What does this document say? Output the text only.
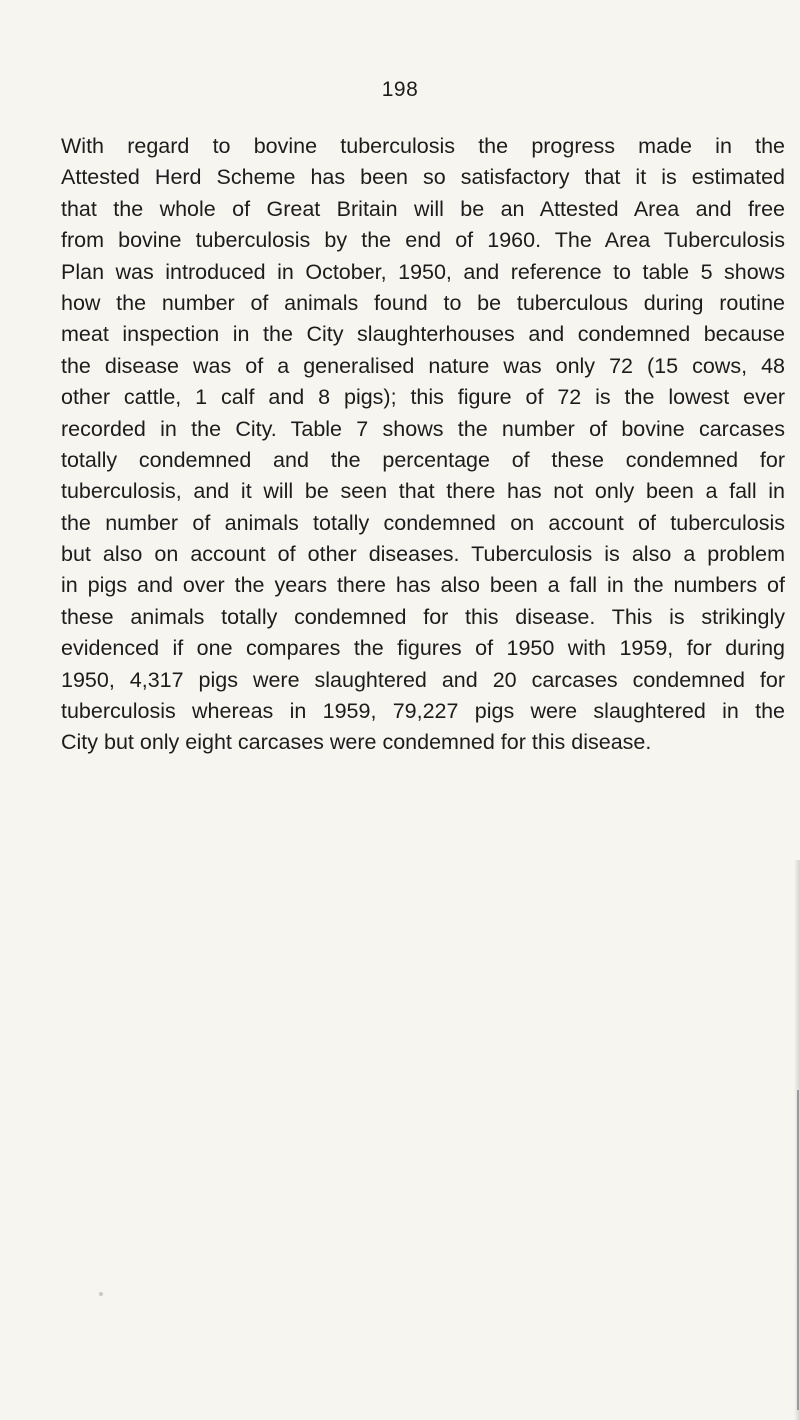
198
With regard to bovine tuberculosis the progress made in the
Attested Herd Scheme has been so satisfactory that it is estimated
that the whole of Great Britain will be an Attested Area and free
from bovine tuberculosis by the end of 1960. The Area Tuberculosis
Plan was introduced in October, 1950, and reference to table 5 shows
how the number of animals found to be tuberculous during routine
meat inspection in the City slaughterhouses and condemned because
the disease was of a generalised nature was only 72 (15 cows, 48
other cattle, 1 calf and 8 pigs); this figure of 72 is the lowest ever
recorded in the City. Table 7 shows the number of bovine carcases
totally condemned and the percentage of these condemned for
tuberculosis, and it will be seen that there has not only been a fall in
the number of animals totally condemned on account of tuberculosis
but also on account of other diseases. Tuberculosis is also a problem
in pigs and over the years there has also been a fall in the numbers of
these animals totally condemned for this disease. This is strikingly
evidenced if one compares the figures of 1950 with 1959, for during
1950, 4,317 pigs were slaughtered and 20 carcases condemned for
tuberculosis whereas in 1959, 79,227 pigs were slaughtered in the
City but only eight carcases were condemned for this disease.
